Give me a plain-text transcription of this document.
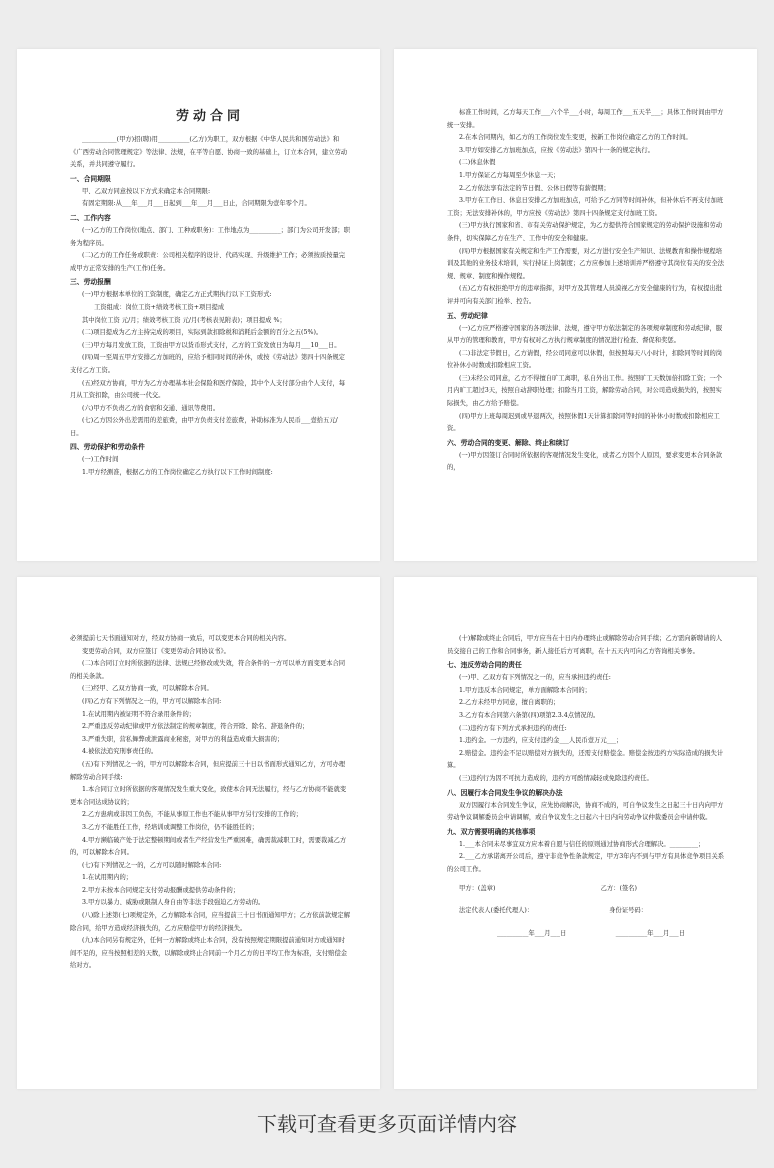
劳动合同

___________(甲方)招(聘)用__________(乙方)为职工，双方根据《中华人民共和国劳动法》和《广西劳动合同管理规定》等法律、法规，在平等自愿、协商一致的基础上，订立本合同，建立劳动关系，并共同遵守履行。

一、合同期限

甲、乙双方同意按以下方式来确定本合同期限:

有固定期限:从___年___月___日起到___年___月___日止，合同期限为壹年零个月。

二、工作内容

(一)乙方的工作岗位(地点、部门、工种或职务)：工作地点为__________；部门为公司开发部；职务为程序员。

(二)乙方的工作任务或职责：公司相关程序的设计、代码实现、升级维护工作；必须按质按量完成甲方正常安排的生产(工作)任务。

三、劳动报酬

(一)甲方根据本单位的工资制度，确定乙方正式期执行以下工资形式:

工资组成：岗位工资+绩效考核工资+项目提成

其中岗位工资 元/月；绩效考核工资 元/月(考核表见附表)；项目提成 %；

(二)项目提成为乙方主持完成的项目，实际到款扣除税和消耗后金额的百分之五(5%)。

(三)甲方每月发放工资，工资由甲方以货币形式支付，乙方的工资发放日为每月___10___日。

(四)周一至周五甲方安排乙方加班的，应给予相同时间的补休，或按《劳动法》第四十四条规定支付乙方工资。

(五)经双方协商，甲方为乙方办理基本社会保险和医疗保险，其中个人支付部分由个人支付，每月从工资扣除，由公司统一代交。

(六)甲方不负责乙方的食宿和交通、通讯等费用。

(七)乙方因公外出差需用的差旅费，由甲方负责支付差旅费，补助标准为人民币___壹拾五元/日。

四、劳动保护和劳动条件

(一)工作时间

1.甲方经测准，根据乙方的工作岗位确定乙方执行以下工作时间制度:

标准工作时间，乙方每天工作___六个半___小时，每周工作___五天半___；具体工作时间由甲方统一安排。

2.在本合同期内，如乙方的工作岗位发生变更，按新工作岗位确定乙方的工作时间。

3.甲方如安排乙方加班加点，应按《劳动法》第四十一条的规定执行。

(二)休息休假

1.甲方保证乙方每周至少休息一天；

2.乙方依法享有法定的节日假、公休日假等有薪假期；

3.甲方在工作日、休息日安排乙方加班加点，可给予乙方同等时间补休，但补休后不再支付加班工资；无法安排补休的，甲方应按《劳动法》第四十四条规定支付加班工资。

(三)甲方执行国家和省、市有关劳动保护规定，为乙方提供符合国家规定的劳动保护设施和劳动条件，切实保障乙方在生产、工作中的安全和健康。

(四)甲方根据国家有关规定和生产工作需要，对乙方进行安全生产知识、法规教育和操作规程培训及其他的业务技术培训，实行持证上岗制度；乙方应参加上述培训并严格遵守其岗位有关的安全法规、规章、制度和操作规程。

(五)乙方有权拒绝甲方的违章指挥，对甲方及其管理人员漠视乙方安全健康的行为，有权提出批评并可向有关部门检举、控告。

五、劳动纪律

(一)乙方应严格遵守国家的各项法律、法规，遵守甲方依法制定的各项规章制度和劳动纪律，服从甲方的管理和教育，甲方有权对乙方执行规章制度的情况进行检查、督促和奖惩。

(二)非法定节假日，乙方请假，经公司同意可以休假，但按照每天八小时计，扣除同等时间的岗位补休小时数或扣除相应工资。

(三)未经公司同意，乙方不得擅自旷工离职，私自外出工作。按照旷工天数加倍扣除工资；一个月内旷工超过3天，按照自动辞职处理；扣除当月工资，解除劳动合同，对公司造成损失的，按照实际损失，由乙方给予赔偿。

(四)甲方上班每周迟到或早退两次，按照休假1天计算扣除同等时间的补休小时数或扣除相应工资。

六、劳动合同的变更、解除、终止和续订

(一)甲方因签订合同时所依据的客观情况发生变化，或者乙方因个人原因，要求变更本合同条款的，

必须提前七天书面通知对方，经双方协商一致后，可以变更本合同的相关内容。

变更劳动合同，双方应签订《变更劳动合同协议书》。

(二)本合同订立时所依据的法律、法规已经修改或失效，符合条件的一方可以单方面变更本合同的相关条款。

(三)经甲、乙双方协商一致，可以解除本合同。

(四)乙方有下列情况之一的，甲方可以解除本合同:

1.在试用期内被证明不符合录用条件的；

2.严重违反劳动纪律或甲方依法制定的规章制度，符合开除、除名、辞退条件的；

3.严重失职，营私舞弊或泄露商业秘密，对甲方的利益造成重大损害的；

4.被依法追究刑事责任的。

(五)有下列情况之一的，甲方可以解除本合同，但应提前三十日以书面形式通知乙方，方可办理解除劳动合同手续:

1.本合同订立时所依据的客观情况发生重大变化，致使本合同无法履行，经与乙方协商不能就变更本合同达成协议的；

2.乙方患病或非因工负伤，不能从事原工作也不能从事甲方另行安排的工作的；

3.乙方不能胜任工作，经培训或调整工作岗位，仍不能胜任的；

4.甲方濒临破产处于法定整顿期间或者生产经营发生严重困难，确需裁减职工时，需要裁减乙方的，可以解除本合同。

(七)有下列情况之一的，乙方可以随时解除本合同:

1.在试用期内的；

2.甲方未按本合同规定支付劳动报酬或提供劳动条件的；

3.甲方以暴力、威胁或限制人身自由等非法手段强迫乙方劳动的。

(八)除上述第(七)项规定外，乙方解除本合同，应当提前三十日书面通知甲方；乙方依前款规定解除合同，给甲方造成经济损失的，乙方应赔偿甲方的经济损失。

(九)本合同另有规定外，任何一方解除或终止本合同，没有按照规定期限提前通知对方或通知时间不足的，应当按照相差的天数，以解除或终止合同前一个月乙方的日平均工作为标准，支付赔偿金给对方。

(十)解除或终止合同后，甲方应当在十日内办理终止或解除劳动合同手续；乙方需向新聘请的人员交接自己的工作和合同事务，新人接任后方可离职，在十五天内可向乙方咨询相关事务。

七、违反劳动合同的责任

(一)甲、乙双方有下列情况之一的，应当承担违约责任:

1.甲方违反本合同规定，单方面解除本合同的；

2.乙方未经甲方同意，擅自离职的；

3.乙方有本合同第六条第(四)项第2.3.4点情况的。

(二)违约方有下列方式承担违约的责任:

1.违约金。一方违约，应支付违约金___人民币壹万元___；

2.赔偿金。违约金不足以赔偿对方损失的，还需支付赔偿金。赔偿金按违约方实际造成的损失计算。

(三)违约行为因不可抗力造成的，违约方可酌情减轻或免除违约责任。

八、因履行本合同发生争议的解决办法

双方因履行本合同发生争议，应先协商解决，协商不成的，可自争议发生之日起三十日内向甲方劳动争议调解委员会申请调解，或自争议发生之日起六十日内向劳动争议仲裁委员会申请仲裁。

九、双方需要明确的其他事项

1.___本合同未尽事宜双方应本着自愿与信任的原则通过协商形式合理解决。_________；

2.___乙方承诺离开公司后，遵守非竞争性条款规定，甲方3年内不到与甲方有具体竞争项目关系的公司工作。

甲方：(盖章)	乙方：(签名)
法定代表人(委托代理人)：	身份证号码：
__________年___月___日	__________年___月___日
下载可查看更多页面详情内容
